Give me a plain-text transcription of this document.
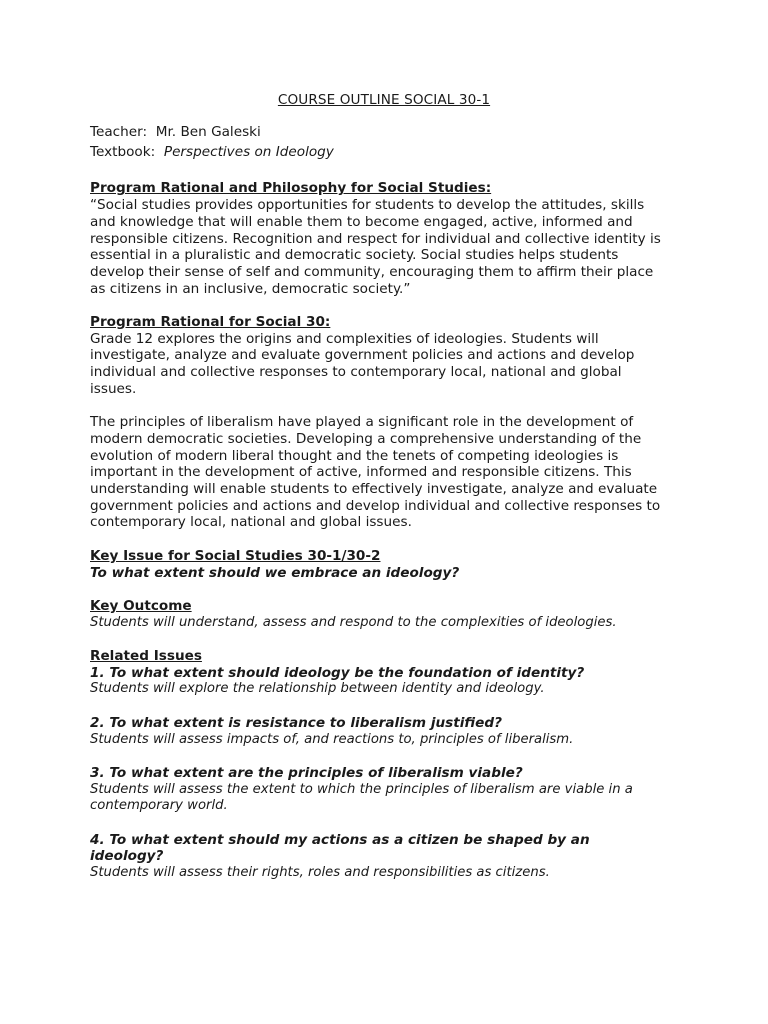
COURSE OUTLINE SOCIAL 30-1

Teacher: Mr. Ben Galeski

Textbook: Perspectives on Ideology

Program Rational and Philosophy for Social Studies:

“Social studies provides opportunities for students to develop the attitudes, skills
and knowledge that will enable them to become engaged, active, informed and
responsible citizens. Recognition and respect for individual and collective identity is
essential in a pluralistic and democratic society. Social studies helps students
develop their sense of self and community, encouraging them to affirm their place
as citizens in an inclusive, democratic society.”

Program Rational for Social 30:

Grade 12 explores the origins and complexities of ideologies. Students will
investigate, analyze and evaluate government policies and actions and develop
individual and collective responses to contemporary local, national and global
issues.
The principles of liberalism have played a significant role in the development of
modern democratic societies. Developing a comprehensive understanding of the
evolution of modern liberal thought and the tenets of competing ideologies is
important in the development of active, informed and responsible citizens. This
understanding will enable students to effectively investigate, analyze and evaluate
government policies and actions and develop individual and collective responses to
contemporary local, national and global issues.

Key Issue for Social Studies 30-1/30-2

To what extent should we embrace an ideology?

Key Outcome

Students will understand, assess and respond to the complexities of ideologies.

Related Issues

1. To what extent should ideology be the foundation of identity?

Students will explore the relationship between identity and ideology.

2. To what extent is resistance to liberalism justified?

Students will assess impacts of, and reactions to, principles of liberalism.

3. To what extent are the principles of liberalism viable?

Students will assess the extent to which the principles of liberalism are viable in a

contemporary world.

4. To what extent should my actions as a citizen be shaped by an

ideology?

Students will assess their rights, roles and responsibilities as citizens.
